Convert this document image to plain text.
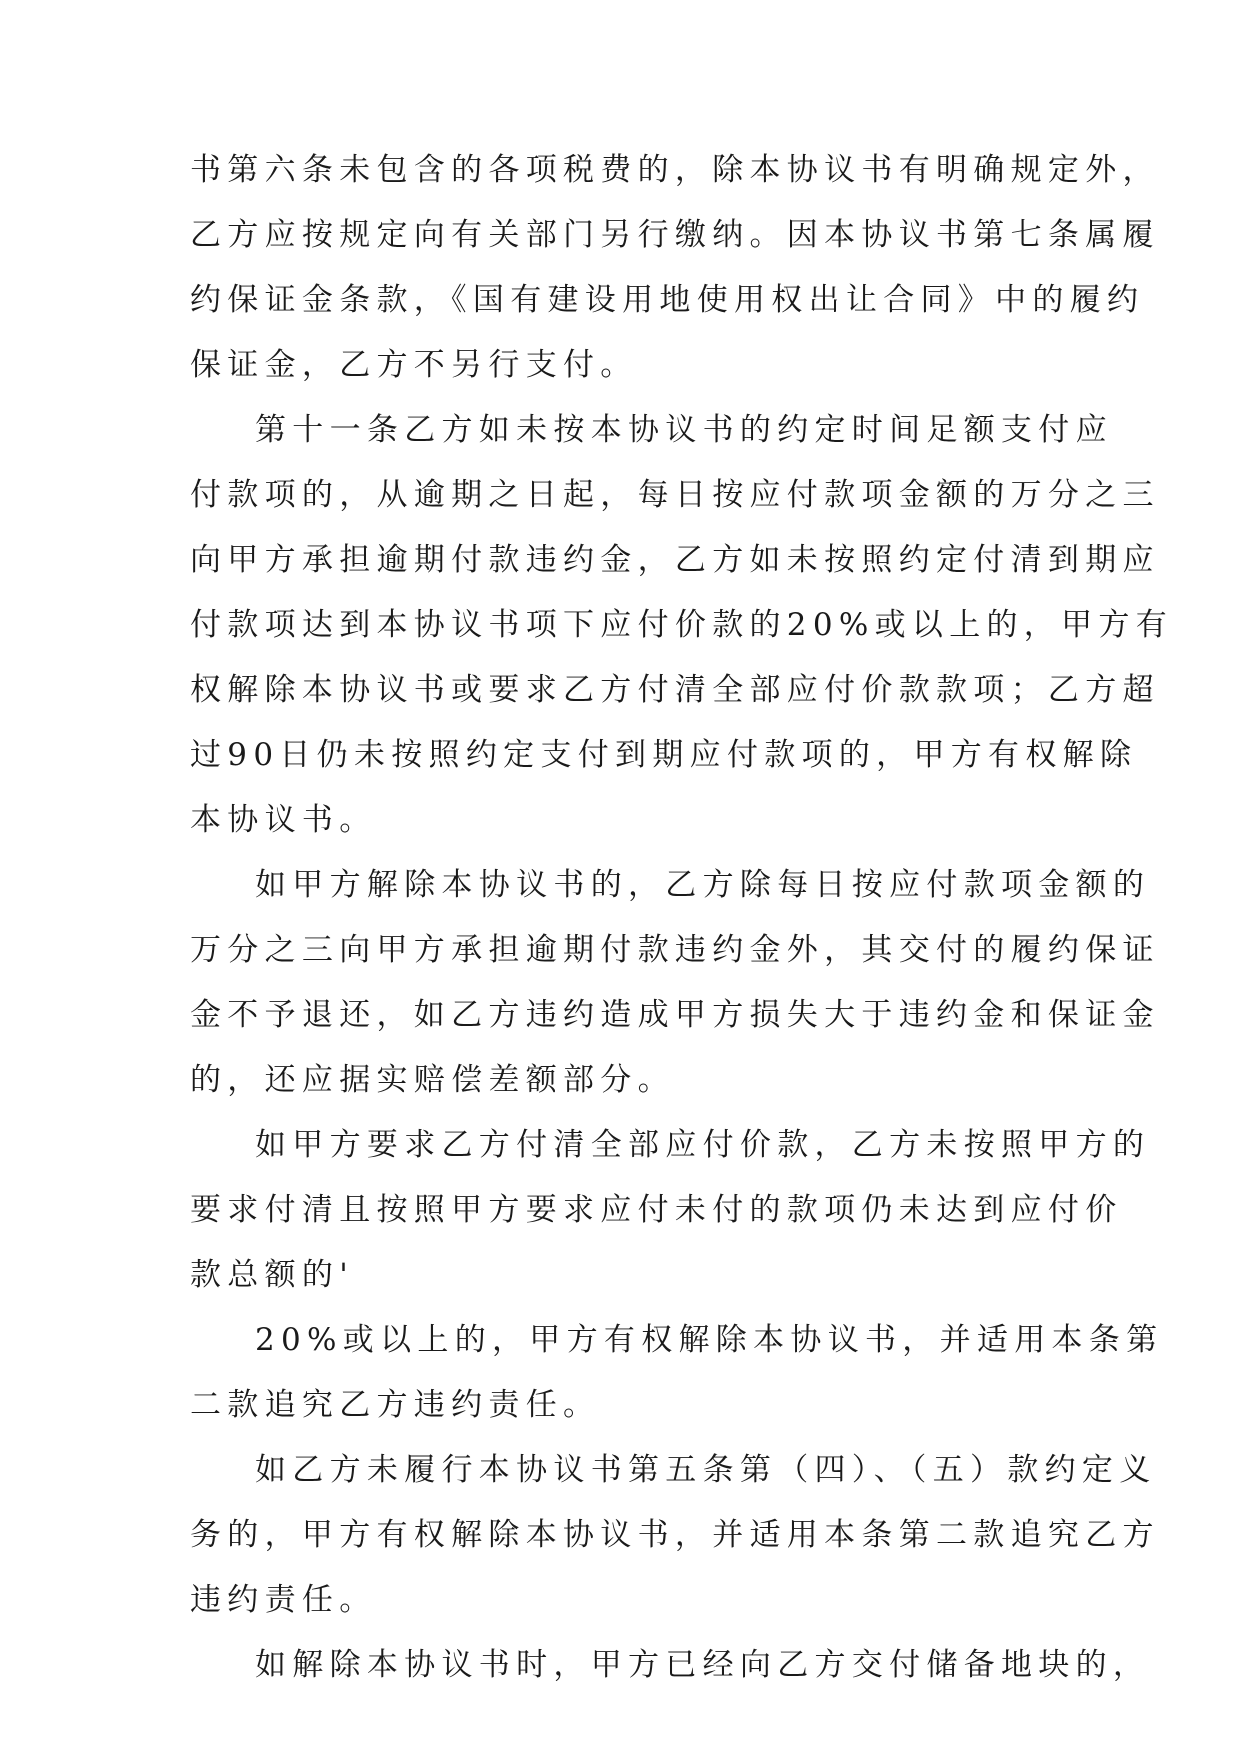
书第六条未包含的各项税费的，除本协议书有明确规定外，
乙方应按规定向有关部门另行缴纳。因本协议书第七条属履
约保证金条款，《国有建设用地使用权出让合同》中的履约
保证金，乙方不另行支付。
第十一条乙方如未按本协议书的约定时间足额支付应
付款项的，从逾期之日起，每日按应付款项金额的万分之三
向甲方承担逾期付款违约金，乙方如未按照约定付清到期应
付款项达到本协议书项下应付价款的20%或以上的，甲方有
权解除本协议书或要求乙方付清全部应付价款款项；乙方超
过90日仍未按照约定支付到期应付款项的，甲方有权解除
本协议书。
如甲方解除本协议书的，乙方除每日按应付款项金额的
万分之三向甲方承担逾期付款违约金外，其交付的履约保证
金不予退还，如乙方违约造成甲方损失大于违约金和保证金
的，还应据实赔偿差额部分。
如甲方要求乙方付清全部应付价款，乙方未按照甲方的
要求付清且按照甲方要求应付未付的款项仍未达到应付价
款总额的'
20%或以上的，甲方有权解除本协议书，并适用本条第
二款追究乙方违约责任。
如乙方未履行本协议书第五条第（四）、（五）款约定义
务的，甲方有权解除本协议书，并适用本条第二款追究乙方
违约责任。
如解除本协议书时，甲方已经向乙方交付储备地块的，
